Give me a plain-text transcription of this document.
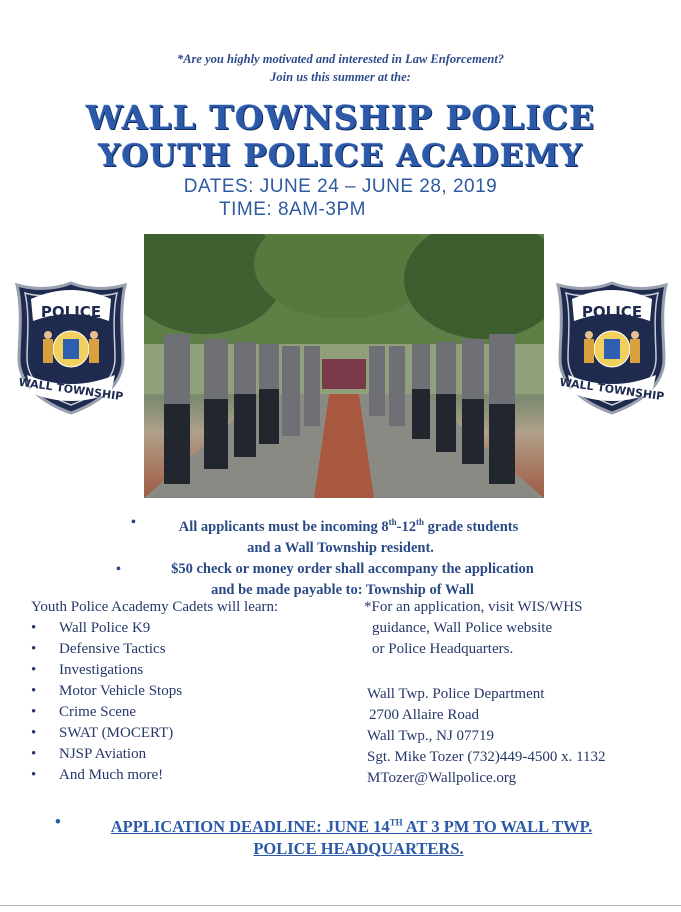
*Are you highly motivated and interested in Law Enforcement?
Join us this summer at the:
WALL TOWNSHIP POLICE
YOUTH POLICE ACADEMY
DATES: JUNE 24 – JUNE 28, 2019
TIME: 8AM-3PM
POLICE
WALL TOWNSHIP
POLICE
WALL TOWNSHIP
•	All applicants must be incoming 8th-12th grade students
and a Wall Township resident.
•	$50 check or money order shall accompany the application
and be made payable to: Township of Wall
Youth Police Academy Cadets will learn:
• Wall Police K9
• Defensive Tactics
• Investigations
• Motor Vehicle Stops
• Crime Scene
• SWAT (MOCERT)
• NJSP Aviation
• And Much more!
*For an application, visit WIS/WHS
guidance, Wall Police website
or Police Headquarters.
Wall Twp. Police Department
2700 Allaire Road
Wall Twp., NJ 07719
Sgt. Mike Tozer (732)449-4500 x. 1132
MTozer@Wallpolice.org
•	APPLICATION DEADLINE: JUNE 14TH AT 3 PM TO WALL TWP.
POLICE HEADQUARTERS.
